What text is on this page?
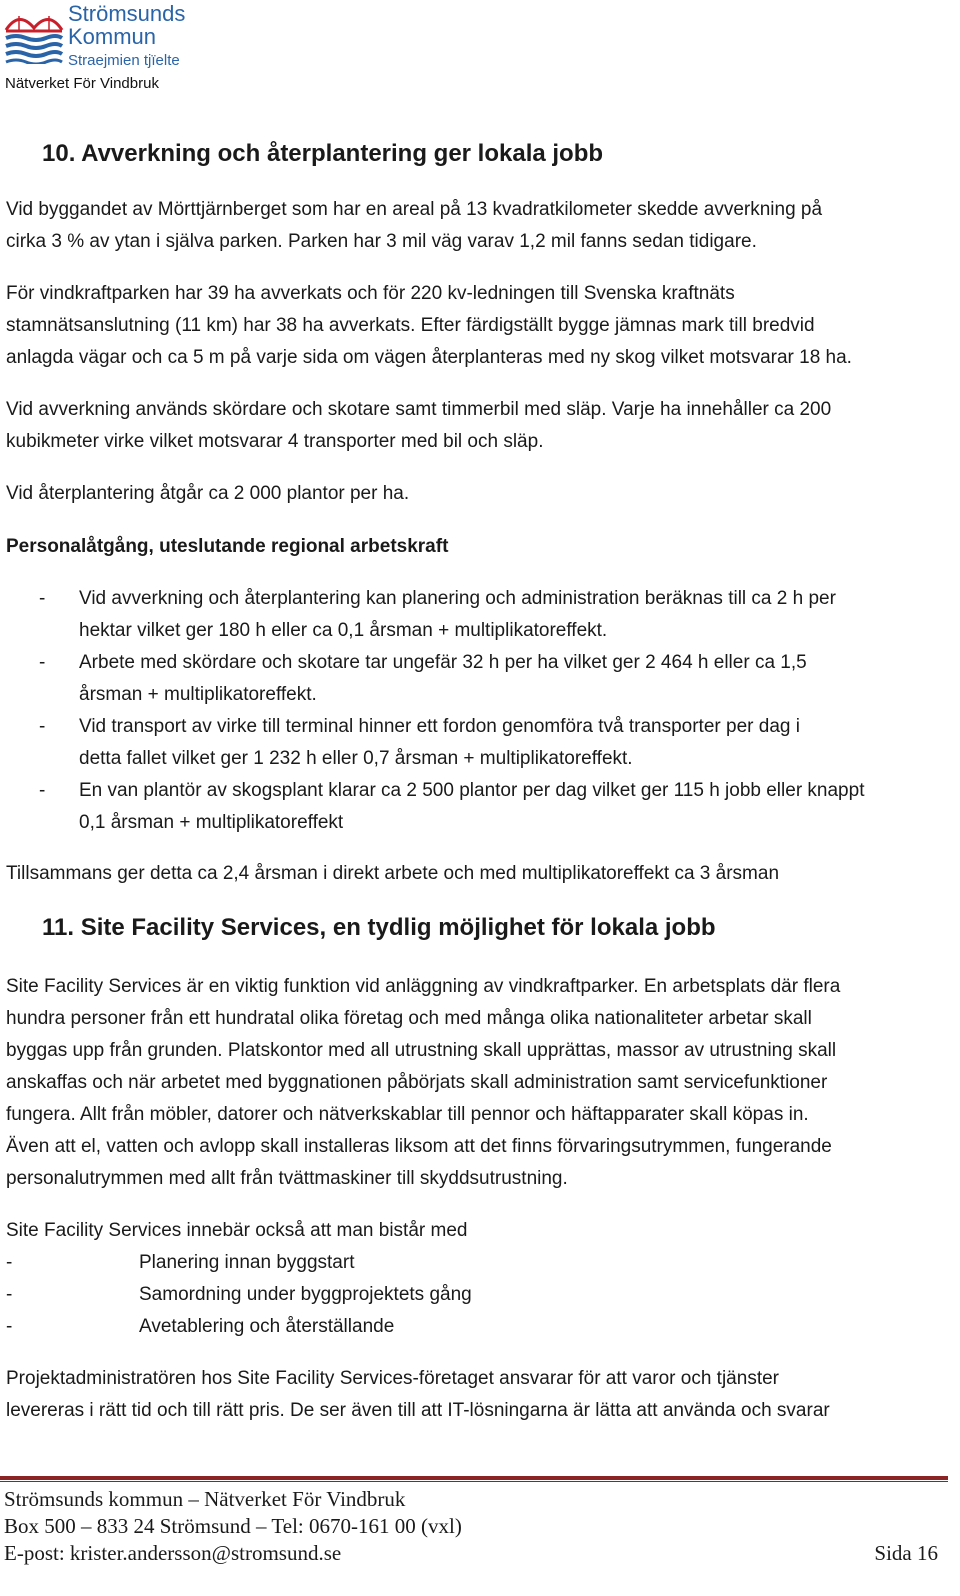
Strömsunds
Kommun
Straejmien tjïelte
Nätverket För Vindbruk
10. Avverkning och återplantering ger lokala jobb
Vid byggandet av Mörttjärnberget som har en areal på 13 kvadratkilometer skedde avverkning på
cirka 3 % av ytan i själva parken. Parken har 3 mil väg varav 1,2 mil fanns sedan tidigare.
För vindkraftparken har 39 ha avverkats och för 220 kv-ledningen till Svenska kraftnäts
stamnätsanslutning (11 km) har 38 ha avverkats. Efter färdigställt bygge jämnas mark till bredvid
anlagda vägar och ca 5 m på varje sida om vägen återplanteras med ny skog vilket motsvarar 18 ha.
Vid avverkning används skördare och skotare samt timmerbil med släp. Varje ha innehåller ca 200
kubikmeter virke vilket motsvarar 4 transporter med bil och släp.
Vid återplantering åtgår ca 2 000 plantor per ha.
Personalåtgång, uteslutande regional arbetskraft
- Vid avverkning och återplantering kan planering och administration beräknas till ca 2 h per
hektar vilket ger 180 h eller ca 0,1 årsman + multiplikatoreffekt.
- Arbete med skördare och skotare tar ungefär 32 h per ha vilket ger 2 464 h eller ca 1,5
årsman + multiplikatoreffekt.
- Vid transport av virke till terminal hinner ett fordon genomföra två transporter per dag i
detta fallet vilket ger 1 232 h eller 0,7 årsman + multiplikatoreffekt.
- En van plantör av skogsplant klarar ca 2 500 plantor per dag vilket ger 115 h jobb eller knappt
0,1 årsman + multiplikatoreffekt
Tillsammans ger detta ca 2,4 årsman i direkt arbete och med multiplikatoreffekt ca 3 årsman
11. Site Facility Services, en tydlig möjlighet för lokala jobb
Site Facility Services är en viktig funktion vid anläggning av vindkraftparker. En arbetsplats där flera
hundra personer från ett hundratal olika företag och med många olika nationaliteter arbetar skall
byggas upp från grunden. Platskontor med all utrustning skall upprättas, massor av utrustning skall
anskaffas och när arbetet med byggnationen påbörjats skall administration samt servicefunktioner
fungera. Allt från möbler, datorer och nätverkskablar till pennor och häftapparater skall köpas in.
Även att el, vatten och avlopp skall installeras liksom att det finns förvaringsutrymmen, fungerande
personalutrymmen med allt från tvättmaskiner till skyddsutrustning.
Site Facility Services innebär också att man bistår med
-	Planering innan byggstart
-	Samordning under byggprojektets gång
-	Avetablering och återställande
Projektadministratören hos Site Facility Services-företaget ansvarar för att varor och tjänster
levereras i rätt tid och till rätt pris. De ser även till att IT-lösningarna är lätta att använda och svarar
Strömsunds kommun – Nätverket För Vindbruk
Box 500 – 833 24 Strömsund – Tel: 0670-161 00 (vxl)
E-post: krister.andersson@stromsund.se	Sida 16
